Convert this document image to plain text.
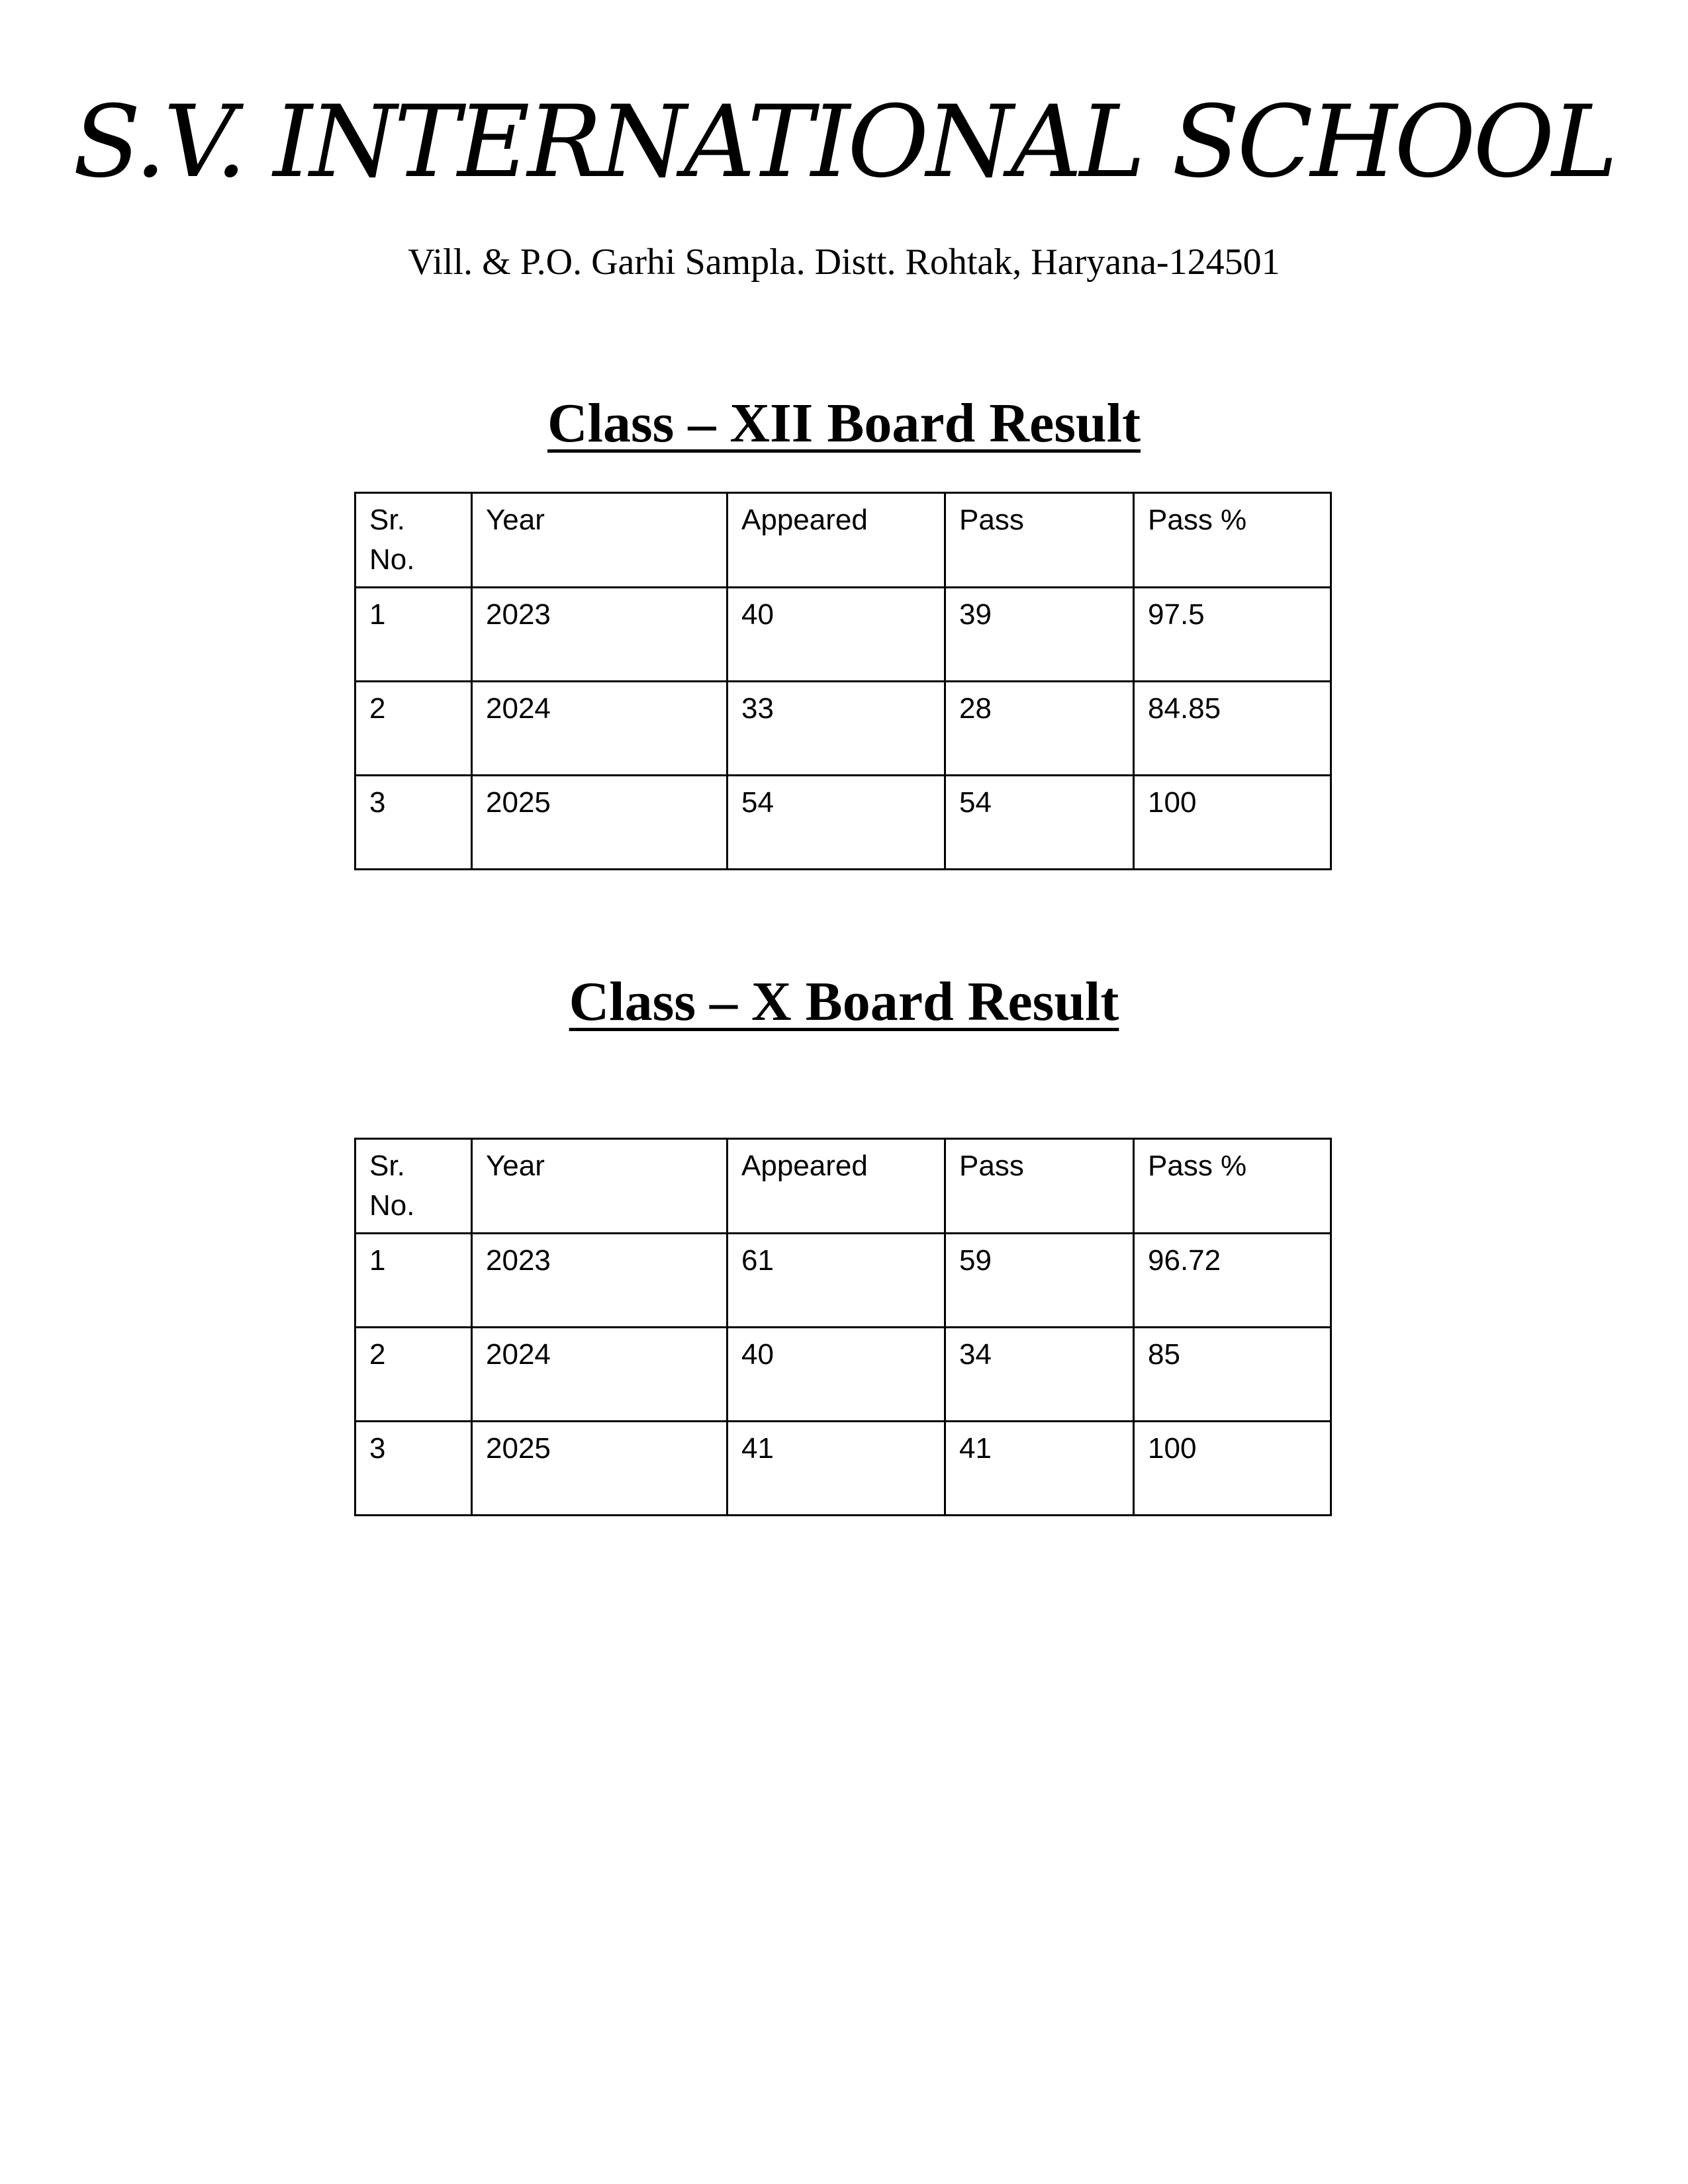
S.V. INTERNATIONAL SCHOOL
Vill. & P.O. Garhi Sampla. Distt. Rohtak, Haryana-124501
Class – XII Board Result
Sr. No.	Year	Appeared	Pass	Pass %
1	2023	40	39	97.5
2	2024	33	28	84.85
3	2025	54	54	100
Class – X Board Result
Sr. No.	Year	Appeared	Pass	Pass %
1	2023	61	59	96.72
2	2024	40	34	85
3	2025	41	41	100
